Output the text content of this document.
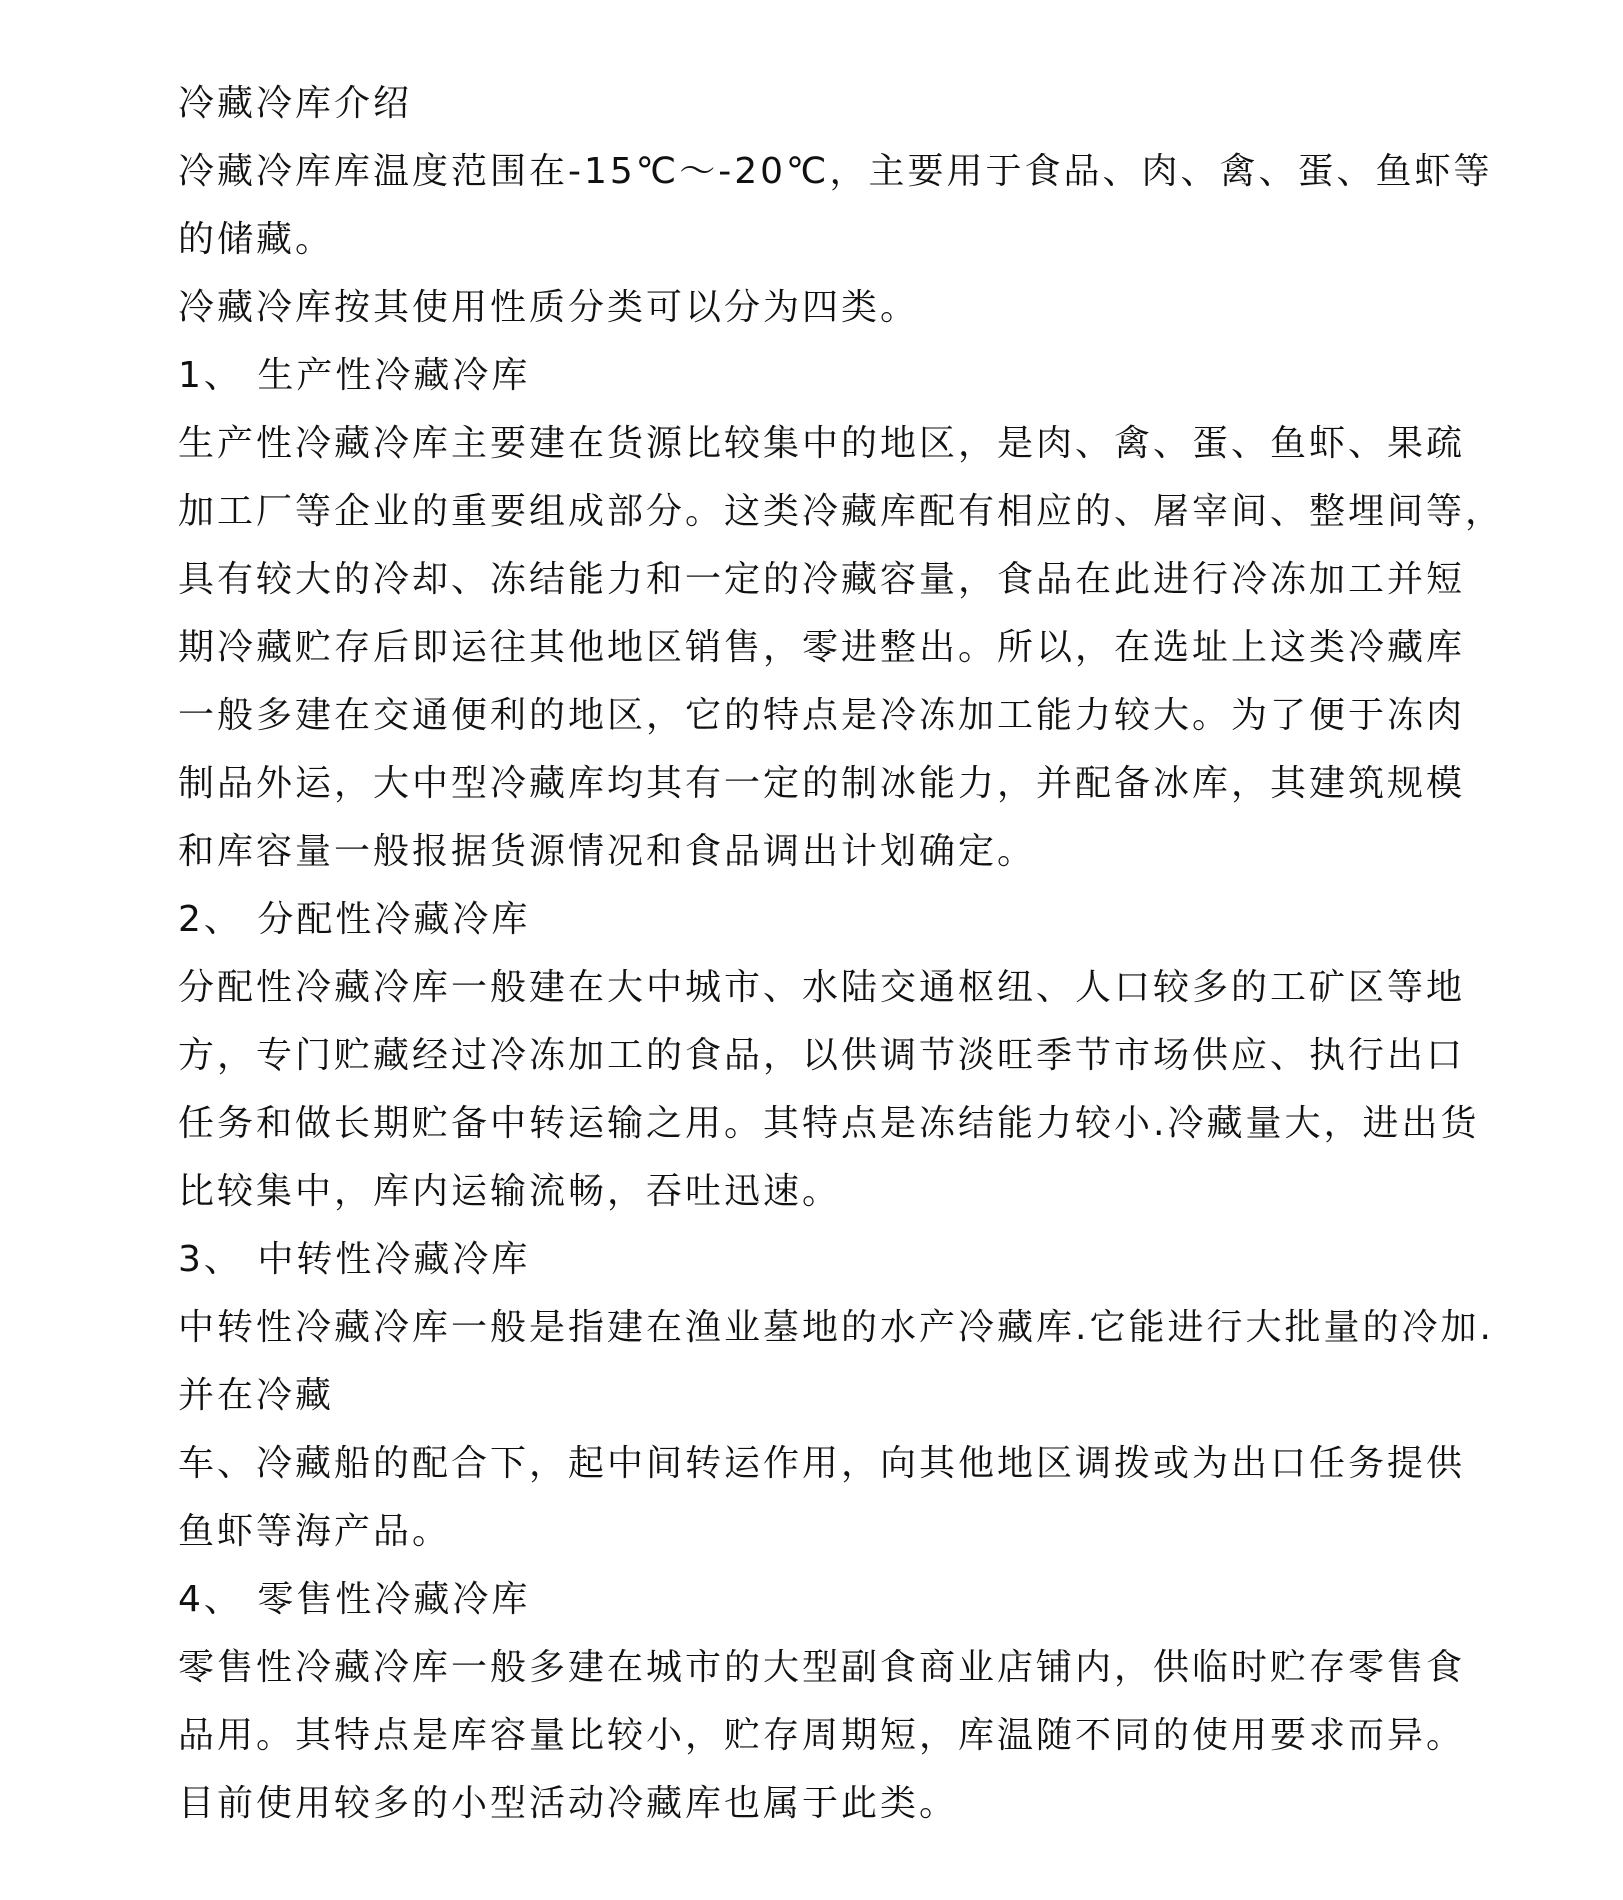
冷藏冷库介绍
冷藏冷库库温度范围在-15℃～-20℃，主要用于食品、肉、禽、蛋、鱼虾等
的储藏。
冷藏冷库按其使用性质分类可以分为四类。
1、 生产性冷藏冷库
生产性冷藏冷库主要建在货源比较集中的地区，是肉、禽、蛋、鱼虾、果疏
加工厂等企业的重要组成部分。这类冷藏库配有相应的、屠宰间、整埋间等，
具有较大的冷却、冻结能力和一定的冷藏容量，食品在此进行冷冻加工并短
期冷藏贮存后即运往其他地区销售，零进整出。所以，在选址上这类冷藏库
一般多建在交通便利的地区，它的特点是冷冻加工能力较大。为了便于冻肉
制品外运，大中型冷藏库均其有一定的制冰能力，并配备冰库，其建筑规模
和库容量一般报据货源情况和食品调出计划确定。
2、 分配性冷藏冷库
分配性冷藏冷库一般建在大中城市、水陆交通枢纽、人口较多的工矿区等地
方，专门贮藏经过冷冻加工的食品，以供调节淡旺季节市场供应、执行出口
任务和做长期贮备中转运输之用。其特点是冻结能力较小.冷藏量大，进出货
比较集中，库内运输流畅，吞吐迅速。
3、 中转性冷藏冷库
中转性冷藏冷库一般是指建在渔业墓地的水产冷藏库.它能进行大批量的冷加.
并在冷藏
车、冷藏船的配合下，起中间转运作用，向其他地区调拨或为出口任务提供
鱼虾等海产品。
4、 零售性冷藏冷库
零售性冷藏冷库一般多建在城市的大型副食商业店铺内，供临时贮存零售食
品用。其特点是库容量比较小，贮存周期短，库温随不同的使用要求而异。
目前使用较多的小型活动冷藏库也属于此类。
